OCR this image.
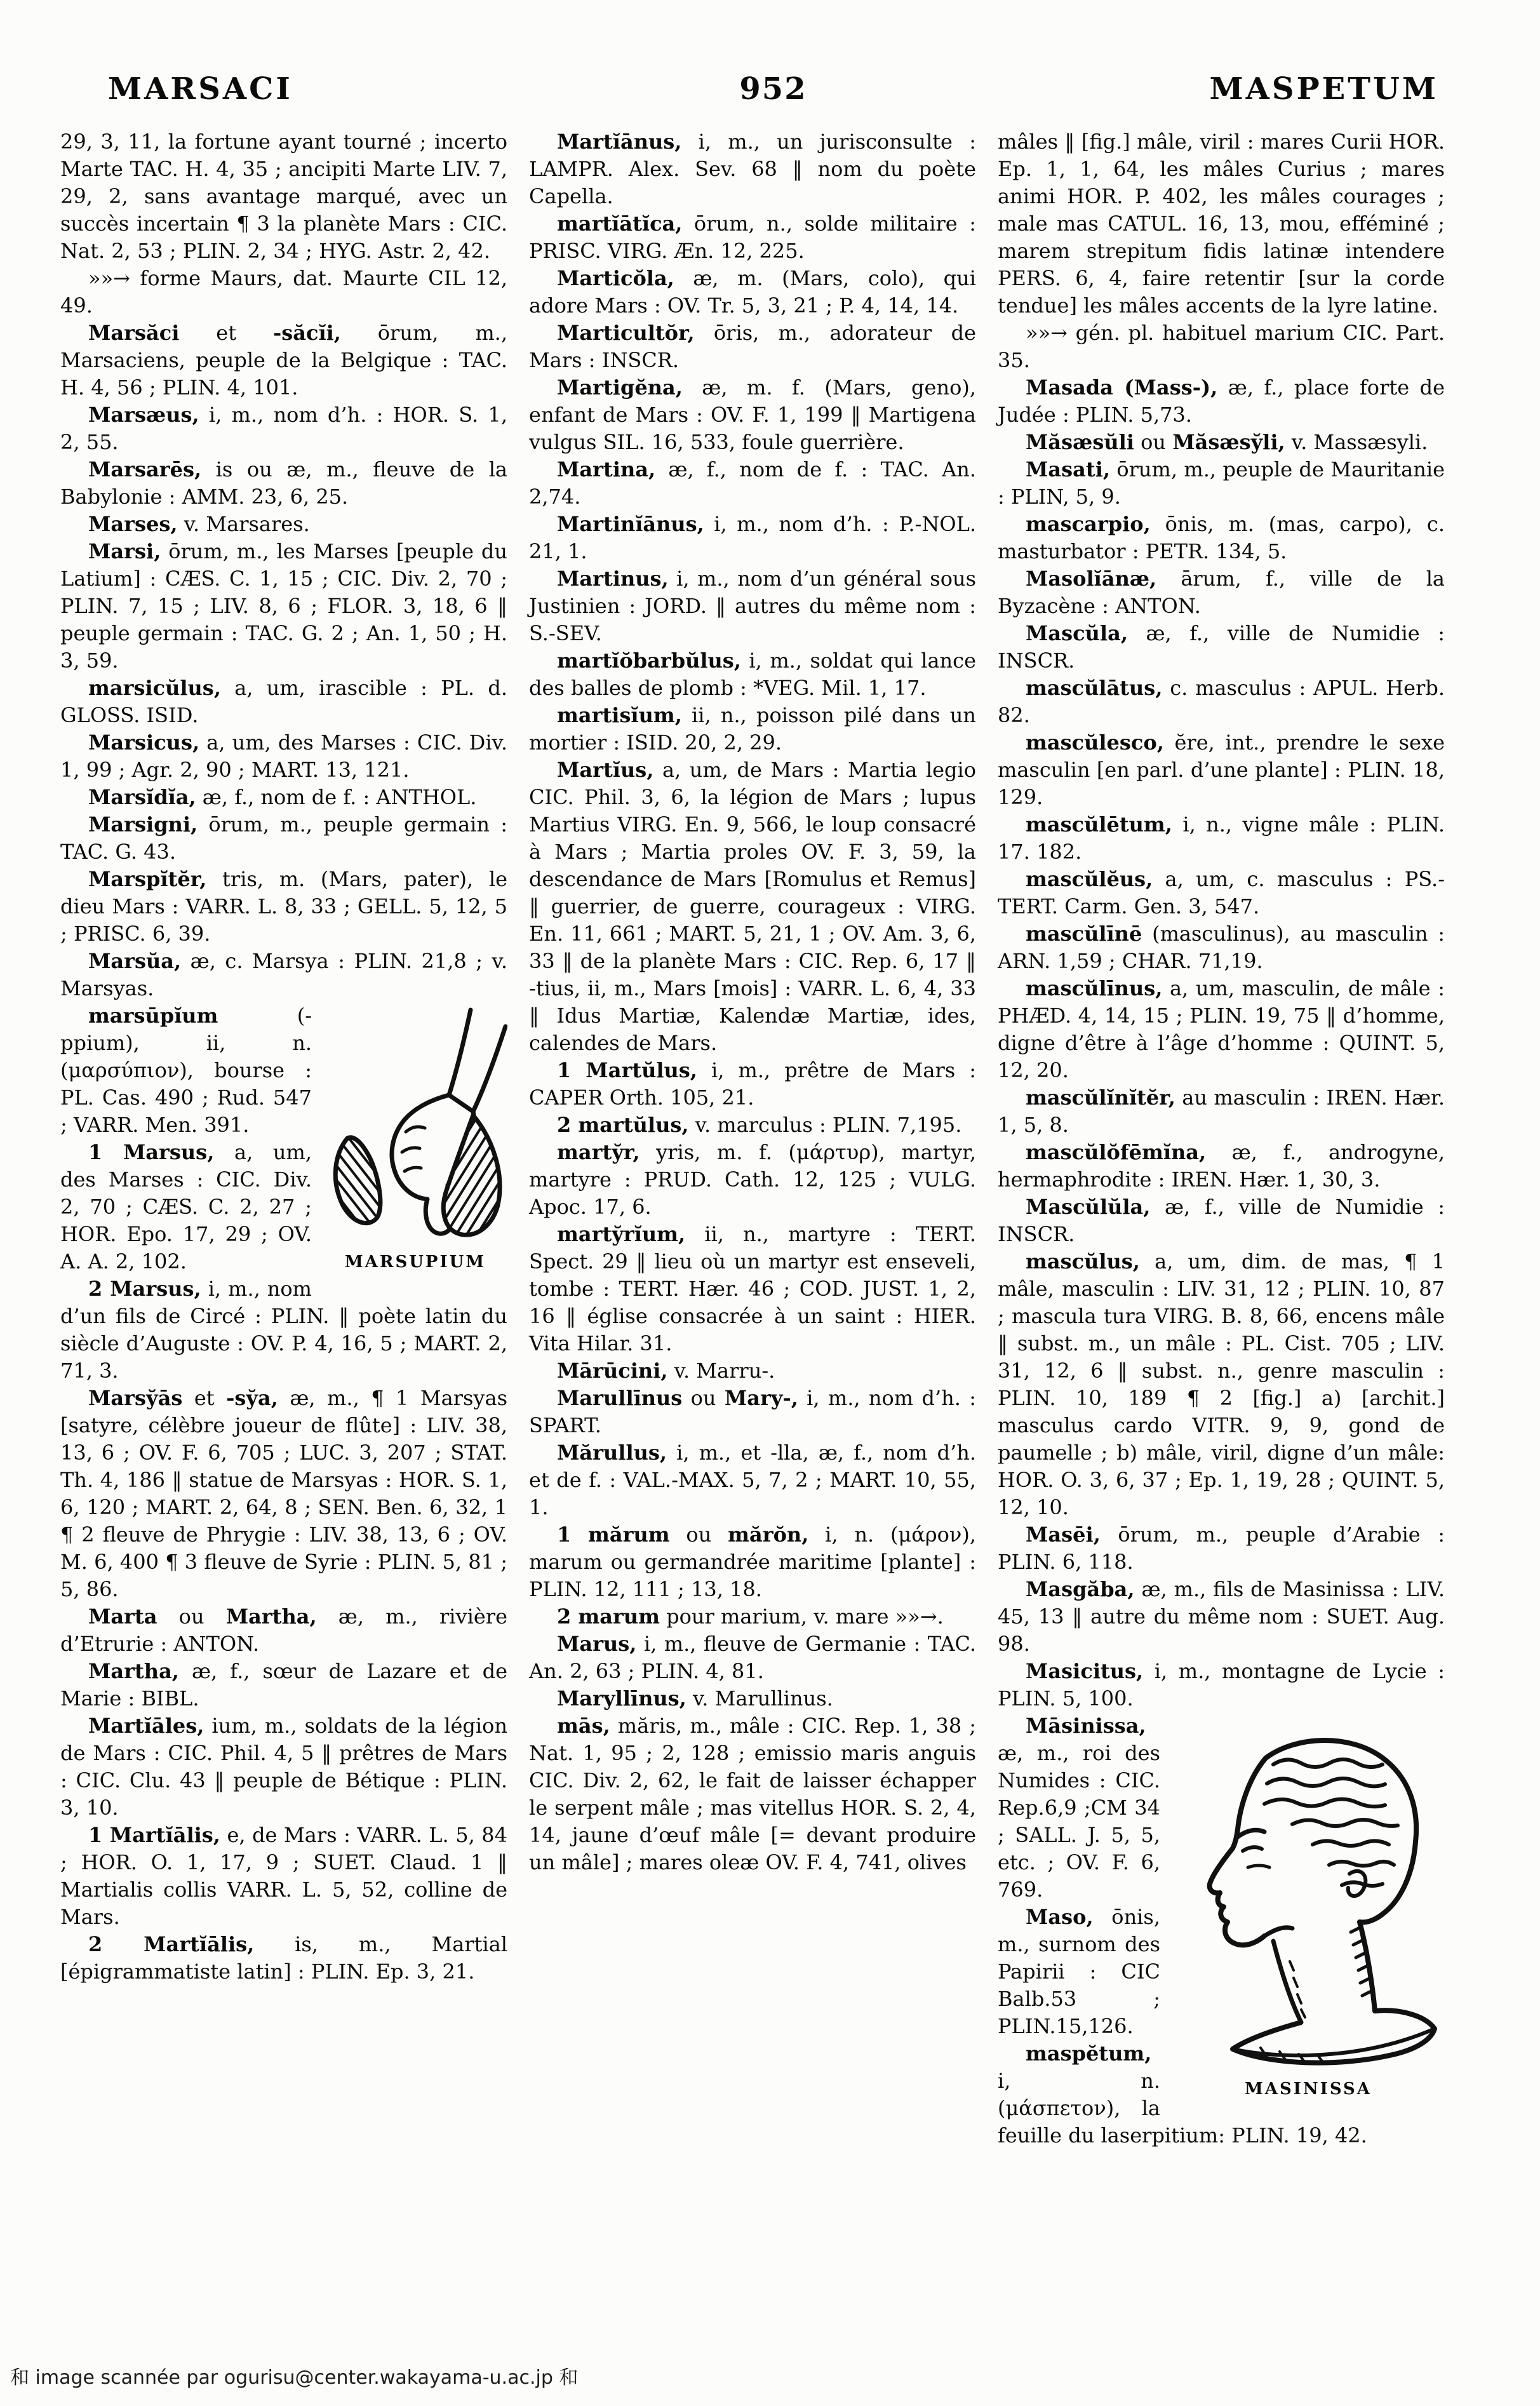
MARSACI	952	MASPETUM

29, 3, 11, la fortune ayant tourné ; incerto Marte TAC. H. 4, 35 ; ancipiti Marte LIV. 7, 29, 2, sans avantage marqué, avec un succès incertain ¶ 3 la planète Mars : CIC. Nat. 2, 53 ; PLIN. 2, 34 ; HYG. Astr. 2, 42.

»»→ forme Maurs, dat. Maurte CIL 12, 49.

Marsăci et -săcĭi, ōrum, m., Marsaciens, peuple de la Belgique : TAC. H. 4, 56 ; PLIN. 4, 101.

Marsæus, i, m., nom d’h. : HOR. S. 1, 2, 55.

Marsarēs, is ou æ, m., fleuve de la Babylonie : AMM. 23, 6, 25.

Marses, v. Marsares.

Marsi, ōrum, m., les Marses [peuple du Latium] : CÆS. C. 1, 15 ; CIC. Div. 2, 70 ; PLIN. 7, 15 ; LIV. 8, 6 ; FLOR. 3, 18, 6 ‖ peuple germain : TAC. G. 2 ; An. 1, 50 ; H. 3, 59.

marsicŭlus, a, um, irascible : PL. d. GLOSS. ISID.

Marsicus, a, um, des Marses : CIC. Div. 1, 99 ; Agr. 2, 90 ; MART. 13, 121.

Marsĭdĭa, æ, f., nom de f. : ANTHOL.

Marsigni, ōrum, m., peuple germain : TAC. G. 43.

Marspĭtĕr, tris, m. (Mars, pater), le dieu Mars : VARR. L. 8, 33 ; GELL. 5, 12, 5 ; PRISC. 6, 39.

Marsŭa, æ, c. Marsya : PLIN. 21,8 ; v. Marsyas.

MARSUPIUM

marsūpĭum (-ppium), ii, n. (μαρσύπιον), bourse : PL. Cas. 490 ; Rud. 547 ; VARR. Men. 391.

1 Marsus, a, um, des Marses : CIC. Div. 2, 70 ; CÆS. C. 2, 27 ; HOR. Epo. 17, 29 ; OV. A. A. 2, 102.

2 Marsus, i, m., nom d’un fils de Circé : PLIN. ‖ poète latin du siècle d’Auguste : OV. P. 4, 16, 5 ; MART. 2, 71, 3.

Marsy̆ās et -sy̆a, æ, m., ¶ 1 Marsyas [satyre, célèbre joueur de flûte] : LIV. 38, 13, 6 ; OV. F. 6, 705 ; LUC. 3, 207 ; STAT. Th. 4, 186 ‖ statue de Marsyas : HOR. S. 1, 6, 120 ; MART. 2, 64, 8 ; SEN. Ben. 6, 32, 1 ¶ 2 fleuve de Phrygie : LIV. 38, 13, 6 ; OV. M. 6, 400 ¶ 3 fleuve de Syrie : PLIN. 5, 81 ; 5, 86.

Marta ou Martha, æ, m., rivière d’Etrurie : ANTON.

Martha, æ, f., sœur de Lazare et de Marie : BIBL.

Martĭāles, ium, m., soldats de la légion de Mars : CIC. Phil. 4, 5 ‖ prêtres de Mars : CIC. Clu. 43 ‖ peuple de Bétique : PLIN. 3, 10.

1 Martĭālis, e, de Mars : VARR. L. 5, 84 ; HOR. O. 1, 17, 9 ; SUET. Claud. 1 ‖ Martialis collis VARR. L. 5, 52, colline de Mars.

2 Martĭālis, is, m., Martial [épigrammatiste latin] : PLIN. Ep. 3, 21.

Martĭānus, i, m., un jurisconsulte : LAMPR. Alex. Sev. 68 ‖ nom du poète Capella.

martĭātĭca, ōrum, n., solde militaire : PRISC. VIRG. Æn. 12, 225.

Marticŏla, æ, m. (Mars, colo), qui adore Mars : OV. Tr. 5, 3, 21 ; P. 4, 14, 14.

Marticultŏr, ōris, m., adorateur de Mars : INSCR.

Martigĕna, æ, m. f. (Mars, geno), enfant de Mars : OV. F. 1, 199 ‖ Martigena vulgus SIL. 16, 533, foule guerrière.

Martina, æ, f., nom de f. : TAC. An. 2,74.

Martinĭānus, i, m., nom d’h. : P.-NOL. 21, 1.

Martinus, i, m., nom d’un général sous Justinien : JORD. ‖ autres du même nom : S.-SEV.

martĭŏbarbŭlus, i, m., soldat qui lance des balles de plomb : *VEG. Mil. 1, 17.

martisĭum, ii, n., poisson pilé dans un mortier : ISID. 20, 2, 29.

Martĭus, a, um, de Mars : Martia legio CIC. Phil. 3, 6, la légion de Mars ; lupus Martius VIRG. En. 9, 566, le loup consacré à Mars ; Martia proles OV. F. 3, 59, la descendance de Mars [Romulus et Remus] ‖ guerrier, de guerre, courageux : VIRG. En. 11, 661 ; MART. 5, 21, 1 ; OV. Am. 3, 6, 33 ‖ de la planète Mars : CIC. Rep. 6, 17 ‖ -tius, ii, m., Mars [mois] : VARR. L. 6, 4, 33 ‖ Idus Martiæ, Kalendæ Martiæ, ides, calendes de Mars.

1 Martŭlus, i, m., prêtre de Mars : CAPER Orth. 105, 21.

2 martŭlus, v. marculus : PLIN. 7,195.

marty̆r, yris, m. f. (μάρτυρ), martyr, martyre : PRUD. Cath. 12, 125 ; VULG. Apoc. 17, 6.

marty̆rĭum, ii, n., martyre : TERT. Spect. 29 ‖ lieu où un martyr est enseveli, tombe : TERT. Hær. 46 ; COD. JUST. 1, 2, 16 ‖ église consacrée à un saint : HIER. Vita Hilar. 31.

Mārūcini, v. Marru-.

Marullīnus ou Mary-, i, m., nom d’h. : SPART.

Mărullus, i, m., et -lla, æ, f., nom d’h. et de f. : VAL.-MAX. 5, 7, 2 ; MART. 10, 55, 1.

1 mărum ou mărŏn, i, n. (μάρον), marum ou germandrée maritime [plante] : PLIN. 12, 111 ; 13, 18.

2 marum pour marium, v. mare »»→.

Marus, i, m., fleuve de Germanie : TAC. An. 2, 63 ; PLIN. 4, 81.

Maryllīnus, v. Marullinus.

mās, măris, m., mâle : CIC. Rep. 1, 38 ; Nat. 1, 95 ; 2, 128 ; emissio maris anguis CIC. Div. 2, 62, le fait de laisser échapper le serpent mâle ; mas vitellus HOR. S. 2, 4, 14, jaune d’œuf mâle [= devant produire un mâle] ; mares oleæ OV. F. 4, 741, olives

mâles ‖ [fig.] mâle, viril : mares Curii HOR. Ep. 1, 1, 64, les mâles Curius ; mares animi HOR. P. 402, les mâles courages ; male mas CATUL. 16, 13, mou, efféminé ; marem strepitum fidis latinæ intendere PERS. 6, 4, faire retentir [sur la corde tendue] les mâles accents de la lyre latine.

»»→ gén. pl. habituel marium CIC. Part. 35.

Masada (Mass-), æ, f., place forte de Judée : PLIN. 5,73.

Măsæsŭli ou Măsæsy̆li, v. Massæsyli.

Masati, ōrum, m., peuple de Mauritanie : PLIN, 5, 9.

mascarpio, ōnis, m. (mas, carpo), c. masturbator : PETR. 134, 5.

Masolĭānæ, ārum, f., ville de la Byzacène : ANTON.

Mascŭla, æ, f., ville de Numidie : INSCR.

mascŭlātus, c. masculus : APUL. Herb. 82.

mascŭlesco, ĕre, int., prendre le sexe masculin [en parl. d’une plante] : PLIN. 18, 129.

mascŭlētum, i, n., vigne mâle : PLIN. 17. 182.

mascŭlĕus, a, um, c. masculus : PS.-TERT. Carm. Gen. 3, 547.

mascŭlīnē (masculinus), au masculin : ARN. 1,59 ; CHAR. 71,19.

mascŭlīnus, a, um, masculin, de mâle : PHÆD. 4, 14, 15 ; PLIN. 19, 75 ‖ d’homme, digne d’être à l’âge d’homme : QUINT. 5, 12, 20.

mascŭlĭnĭtĕr, au masculin : IREN. Hær. 1, 5, 8.

mascŭlŏfēmĭna, æ, f., androgyne, hermaphrodite : IREN. Hær. 1, 30, 3.

Mascŭlŭla, æ, f., ville de Numidie : INSCR.

mascŭlus, a, um, dim. de mas, ¶ 1 mâle, masculin : LIV. 31, 12 ; PLIN. 10, 87 ; mascula tura VIRG. B. 8, 66, encens mâle ‖ subst. m., un mâle : PL. Cist. 705 ; LIV. 31, 12, 6 ‖ subst. n., genre masculin : PLIN. 10, 189 ¶ 2 [fig.] a) [archit.] masculus cardo VITR. 9, 9, gond de paumelle ; b) mâle, viril, digne d’un mâle: HOR. O. 3, 6, 37 ; Ep. 1, 19, 28 ; QUINT. 5, 12, 10.

Masēi, ōrum, m., peuple d’Arabie : PLIN. 6, 118.

Masgăba, æ, m., fils de Masinissa : LIV. 45, 13 ‖ autre du même nom : SUET. Aug. 98.

Masicitus, i, m., montagne de Lycie : PLIN. 5, 100.

MASINISSA

Māsinissa, æ, m., roi des Numides : CIC. Rep.6,9 ;CM 34 ; SALL. J. 5, 5, etc. ; OV. F. 6, 769.

Maso, ōnis, m., surnom des Papirii : CIC Balb.53 ; PLIN.15,126.

maspĕtum, i, n. (μάσπετον), la feuille du laserpitium: PLIN. 19, 42.

和 image scannée par ogurisu@center.wakayama-u.ac.jp 和
